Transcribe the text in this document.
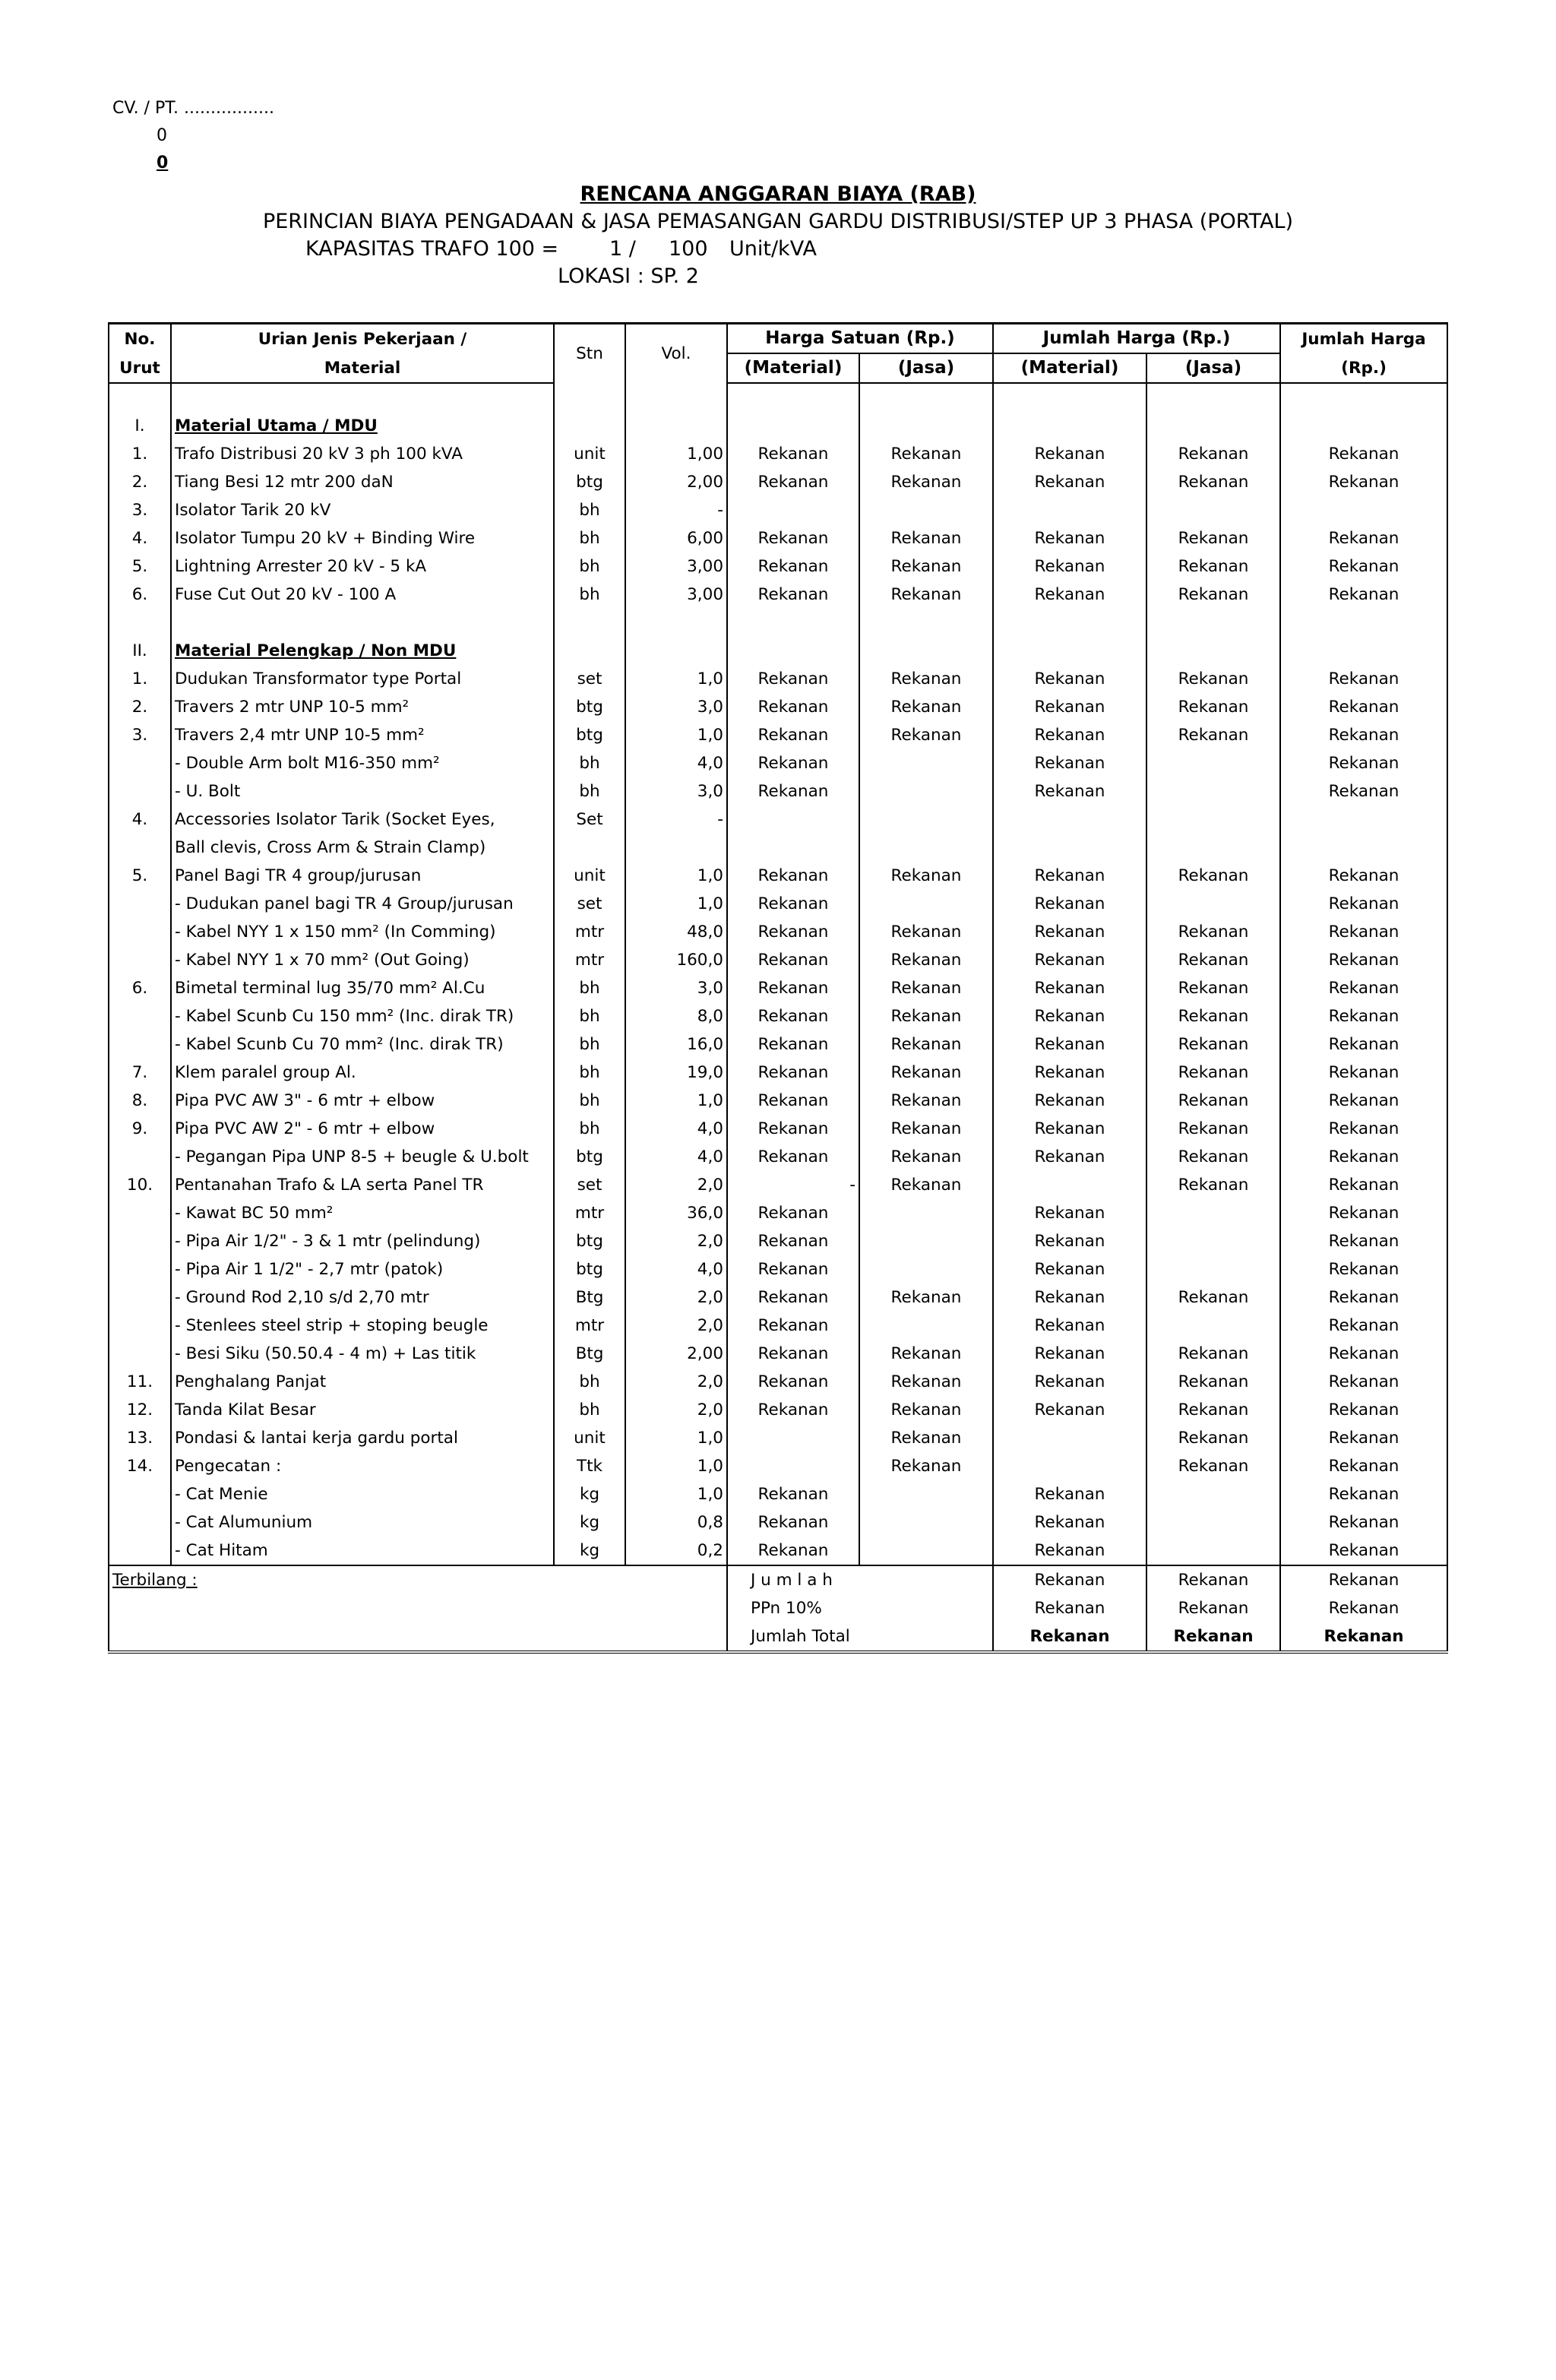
CV. / PT. .................
0
0
RENCANA ANGGARAN BIAYA (RAB)
PERINCIAN BIAYA PENGADAAN & JASA PEMASANGAN GARDU DISTRIBUSI/STEP UP 3 PHASA (PORTAL)
KAPASITAS TRAFO 100 = 1 / 100 Unit/kVA
LOKASI : SP. 2
No.	Urian Jenis Pekerjaan /	Stn	Vol.	Harga Satuan (Rp.)		Jumlah Harga (Rp.)		Jumlah Harga
Urut	Material			(Material)	(Jasa)	(Material)	(Jasa)	(Rp.)

I.	Material Utama / MDU							
1.	Trafo Distribusi 20 kV 3 ph 100 kVA	unit	1,00	Rekanan	Rekanan	Rekanan	Rekanan	Rekanan
2.	Tiang Besi 12 mtr 200 daN	btg	2,00	Rekanan	Rekanan	Rekanan	Rekanan	Rekanan
3.	Isolator Tarik 20 kV	bh	-					
4.	Isolator Tumpu 20 kV + Binding Wire	bh	6,00	Rekanan	Rekanan	Rekanan	Rekanan	Rekanan
5.	Lightning Arrester 20 kV - 5 kA	bh	3,00	Rekanan	Rekanan	Rekanan	Rekanan	Rekanan
6.	Fuse Cut Out 20 kV - 100 A	bh	3,00	Rekanan	Rekanan	Rekanan	Rekanan	Rekanan

II.	Material Pelengkap / Non MDU							
1.	Dudukan Transformator type Portal	set	1,0	Rekanan	Rekanan	Rekanan	Rekanan	Rekanan
2.	Travers 2 mtr UNP 10-5 mm²	btg	3,0	Rekanan	Rekanan	Rekanan	Rekanan	Rekanan
3.	Travers 2,4 mtr UNP 10-5 mm²	btg	1,0	Rekanan	Rekanan	Rekanan	Rekanan	Rekanan
	- Double Arm bolt M16-350 mm²	bh	4,0	Rekanan		Rekanan		Rekanan
	- U. Bolt	bh	3,0	Rekanan		Rekanan		Rekanan
4.	Accessories Isolator Tarik (Socket Eyes,	Set	-					
	Ball clevis, Cross Arm & Strain Clamp)							
5.	Panel Bagi TR 4 group/jurusan	unit	1,0	Rekanan	Rekanan	Rekanan	Rekanan	Rekanan
	- Dudukan panel bagi TR 4 Group/jurusan	set	1,0	Rekanan		Rekanan		Rekanan
	- Kabel NYY 1 x 150 mm² (In Comming)	mtr	48,0	Rekanan	Rekanan	Rekanan	Rekanan	Rekanan
	- Kabel NYY 1 x 70 mm² (Out Going)	mtr	160,0	Rekanan	Rekanan	Rekanan	Rekanan	Rekanan
6.	Bimetal terminal lug 35/70 mm² Al.Cu	bh	3,0	Rekanan	Rekanan	Rekanan	Rekanan	Rekanan
	- Kabel Scunb Cu 150 mm² (Inc. dirak TR)	bh	8,0	Rekanan	Rekanan	Rekanan	Rekanan	Rekanan
	- Kabel Scunb Cu 70 mm² (Inc. dirak TR)	bh	16,0	Rekanan	Rekanan	Rekanan	Rekanan	Rekanan
7.	Klem paralel group Al.	bh	19,0	Rekanan	Rekanan	Rekanan	Rekanan	Rekanan
8.	Pipa PVC AW 3" - 6 mtr + elbow	bh	1,0	Rekanan	Rekanan	Rekanan	Rekanan	Rekanan
9.	Pipa PVC AW 2" - 6 mtr + elbow	bh	4,0	Rekanan	Rekanan	Rekanan	Rekanan	Rekanan
	- Pegangan Pipa UNP 8-5 + beugle & U.bolt	btg	4,0	Rekanan	Rekanan	Rekanan	Rekanan	Rekanan
10.	Pentanahan Trafo & LA serta Panel TR	set	2,0	-	Rekanan		Rekanan	Rekanan
	- Kawat BC 50 mm²	mtr	36,0	Rekanan		Rekanan		Rekanan
	- Pipa Air 1/2" - 3 & 1 mtr (pelindung)	btg	2,0	Rekanan		Rekanan		Rekanan
	- Pipa Air 1 1/2" - 2,7 mtr (patok)	btg	4,0	Rekanan		Rekanan		Rekanan
	- Ground Rod 2,10 s/d 2,70 mtr	Btg	2,0	Rekanan	Rekanan	Rekanan	Rekanan	Rekanan
	- Stenlees steel strip + stoping beugle	mtr	2,0	Rekanan		Rekanan		Rekanan
	- Besi Siku (50.50.4 - 4 m) + Las titik	Btg	2,00	Rekanan	Rekanan	Rekanan	Rekanan	Rekanan
11.	Penghalang Panjat	bh	2,0	Rekanan	Rekanan	Rekanan	Rekanan	Rekanan
12.	Tanda Kilat Besar	bh	2,0	Rekanan	Rekanan	Rekanan	Rekanan	Rekanan
13.	Pondasi & lantai kerja gardu portal	unit	1,0		Rekanan		Rekanan	Rekanan
14.	Pengecatan :	Ttk	1,0		Rekanan		Rekanan	Rekanan
	- Cat Menie	kg	1,0	Rekanan		Rekanan		Rekanan
	- Cat Alumunium	kg	0,8	Rekanan		Rekanan		Rekanan
	- Cat Hitam	kg	0,2	Rekanan		Rekanan		Rekanan
Terbilang :				J u m l a h		Rekanan	Rekanan	Rekanan
				PPn 10%		Rekanan	Rekanan	Rekanan
				Jumlah Total		Rekanan	Rekanan	Rekanan
